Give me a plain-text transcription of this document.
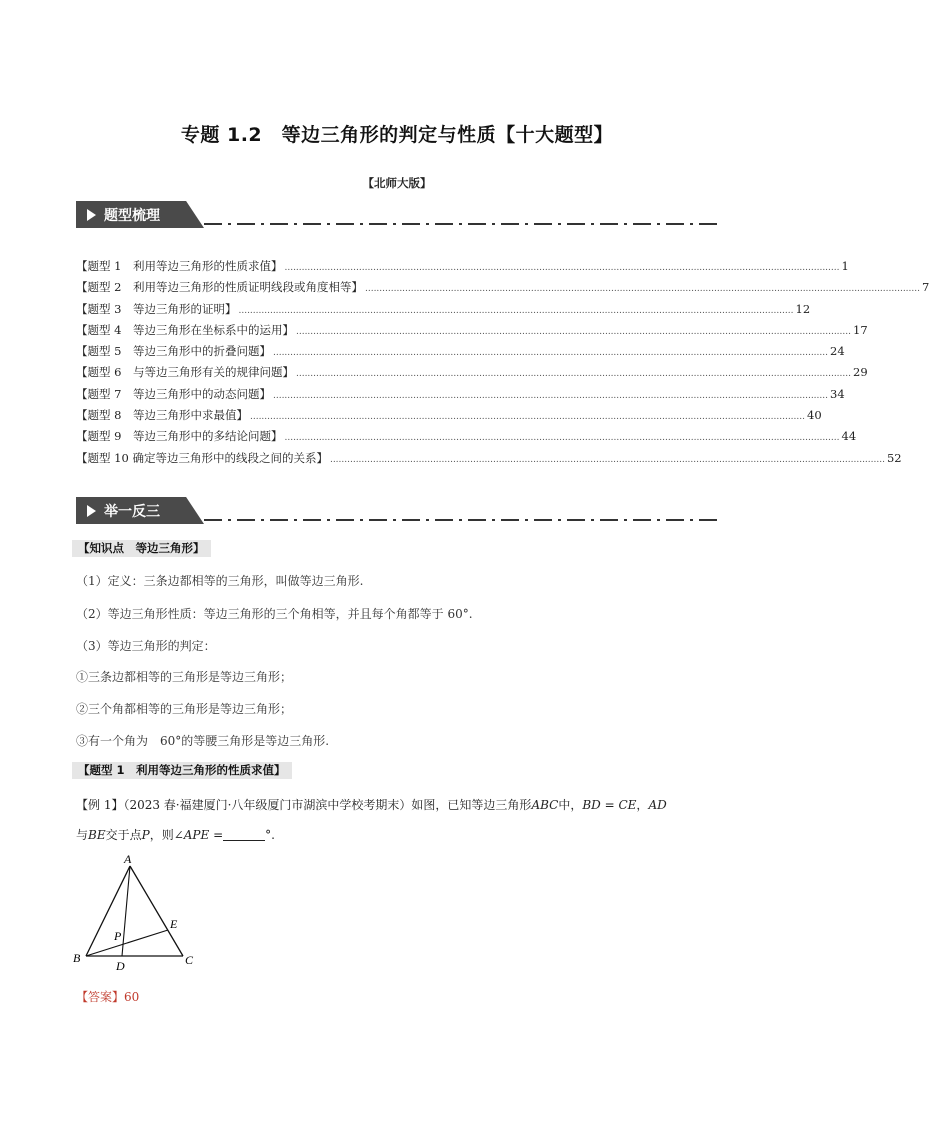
专题 1.2　等边三角形的判定与性质【十大题型】
【北师大版】
题型梳理
【题型 1　利用等边三角形的性质求值】 .................................................................................................................................................................................................. 1
【题型 2　利用等边三角形的性质证明线段或角度相等】 .................................................................................................................................................................................................. 7
【题型 3　等边三角形的证明】 .................................................................................................................................................................................................. 12
【题型 4　等边三角形在坐标系中的运用】 .................................................................................................................................................................................................. 17
【题型 5　等边三角形中的折叠问题】 .................................................................................................................................................................................................. 24
【题型 6　与等边三角形有关的规律问题】 .................................................................................................................................................................................................. 29
【题型 7　等边三角形中的动态问题】 .................................................................................................................................................................................................. 34
【题型 8　等边三角形中求最值】 .................................................................................................................................................................................................. 40
【题型 9　等边三角形中的多结论问题】 .................................................................................................................................................................................................. 44
【题型 10 确定等边三角形中的线段之间的关系】 .................................................................................................................................................................................................. 52
举一反三
【知识点　等边三角形】
（1）定义：三条边都相等的三角形，叫做等边三角形.
（2）等边三角形性质：等边三角形的三个角相等，并且每个角都等于 60°.
（3）等边三角形的判定：
①三条边都相等的三角形是等边三角形；
②三个角都相等的三角形是等边三角形；
③有一个角为　60°的等腰三角形是等边三角形.
【题型 1　利用等边三角形的性质求值】
【例 1】（2023 春·福建厦门·八年级厦门市湖滨中学校考期末）如图，已知等边三角形ABC中，BD = CE，AD
与BE交于点P，则∠APE =	°.
A
B	C
D
E
P
【答案】60
